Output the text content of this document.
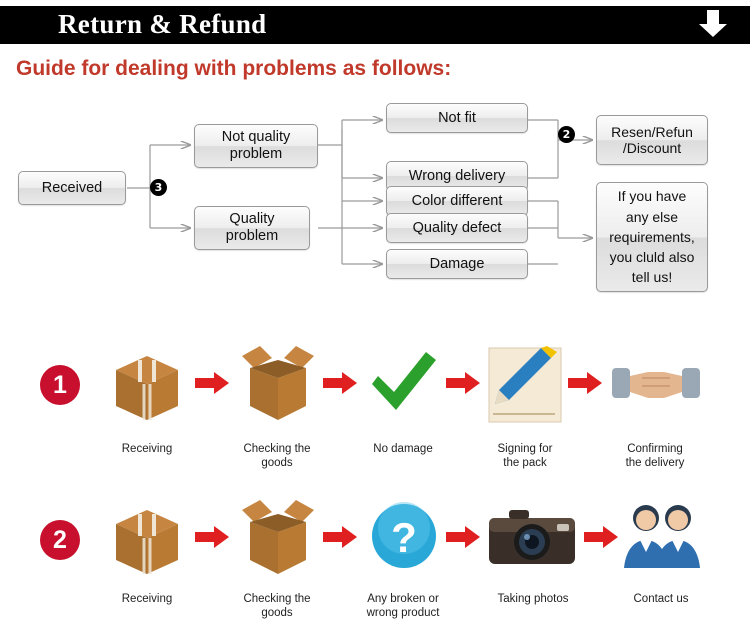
Return & Refund
Guide for dealing with problems as follows:
Received	3
Not quality
problem
Quality
problem
Not fit
Wrong delivery
Color different
Quality defect
Damage
2	Resen/Refun
/Discount
If you have
any else
requirements,
you cluld also
tell us!
1
Receiving	Checking the
goods
No damage	Signing for
the pack
Confirming
the delivery
2	?
Receiving	Checking the
goods
Any broken or
wrong product
Taking photos	Contact us
